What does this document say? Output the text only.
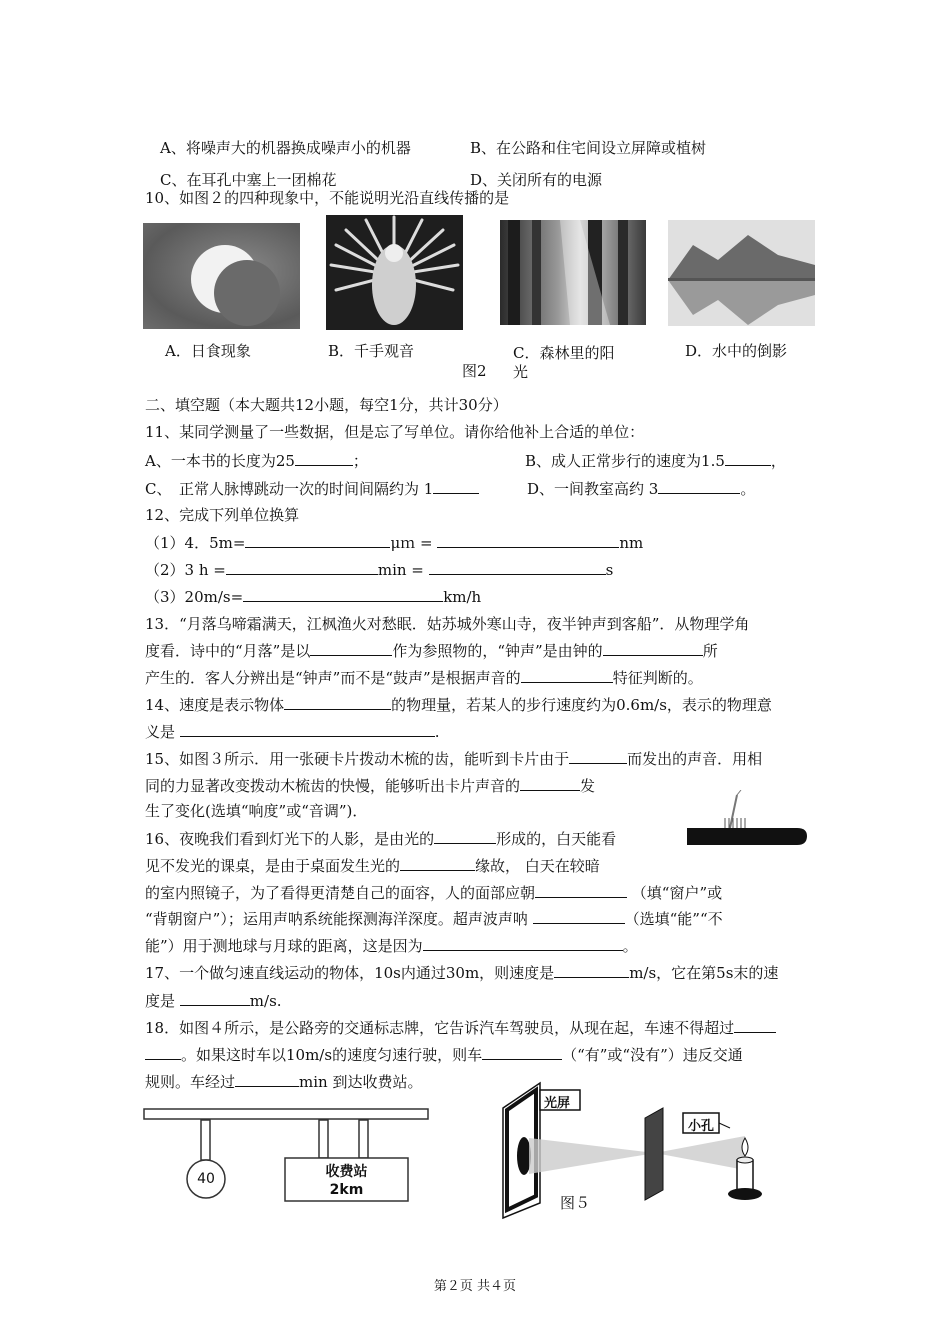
A、将噪声大的机器换成噪声小的机器	B、在公路和住宅间设立屏障或植树
C、在耳孔中塞上一团棉花	D、关闭所有的电源
10、如图２的四种现象中，不能说明光沿直线传播的是
A．日食现象	B．千手观音	C．森林里的阳	D．水中的倒影
图2 光
二、填空题（本大题共12小题，每空1分，共计30分）
11、某同学测量了一些数据，但是忘了写单位。请你给他补上合适的单位：
A、一本书的长度为25	；	B、成人正常步行的速度为1.5	，
C、　正常人脉博跳动一次的时间间隔约为 1	D、一间教室高约 3	。
12、完成下列单位换算
（1）4．5m=	μｍ =	nm
（2）3 h =	min =	s
（3）20m/s=	km/h
13．“月落乌啼霜满天，江枫渔火对愁眠．姑苏城外寒山寺，夜半钟声到客船”．从物理学角
度看．诗中的“月落”是以	作为参照物的，“钟声”是由钟的	所
产生的．客人分辨出是“钟声”而不是“鼓声”是根据声音的	特征判断的。
14、速度是表示物体	的物理量，若某人的步行速度约为0.6m/s，表示的物理意
义是	.
15、如图３所示．用一张硬卡片拨动木梳的齿，能听到卡片由于	而发出的声音．用相
同的力显著改变拨动木梳齿的快慢，能够听出卡片声音的	发
生了变化(选填“响度”或“音调”)．
16、夜晚我们看到灯光下的人影，是由光的	形成的，白天能看
见不发光的课桌，是由于桌面发生光的	缘故， 白天在较暗
的室内照镜子，为了看得更清楚自己的面容，人的面部应朝	（填“窗户”或
“背朝窗户”）；运用声呐系统能探测海洋深度。超声波声呐	（选填“能”“不
能”）用于测地球与月球的距离，这是因为	。
17、一个做匀速直线运动的物体，10s内通过30m，则速度是	m/s，它在第5s末的速
度是	m/s.
18．如图４所示，是公路旁的交通标志牌，它告诉汽车驾驶员，从现在起，车速不得超过
。如果这时车以10m/s的速度匀速行驶，则车	（“有”或“没有”）违反交通
规则。车经过	min 到达收费站。
40	收费站
2km
光屏
小孔
图５
第２页 共４页
